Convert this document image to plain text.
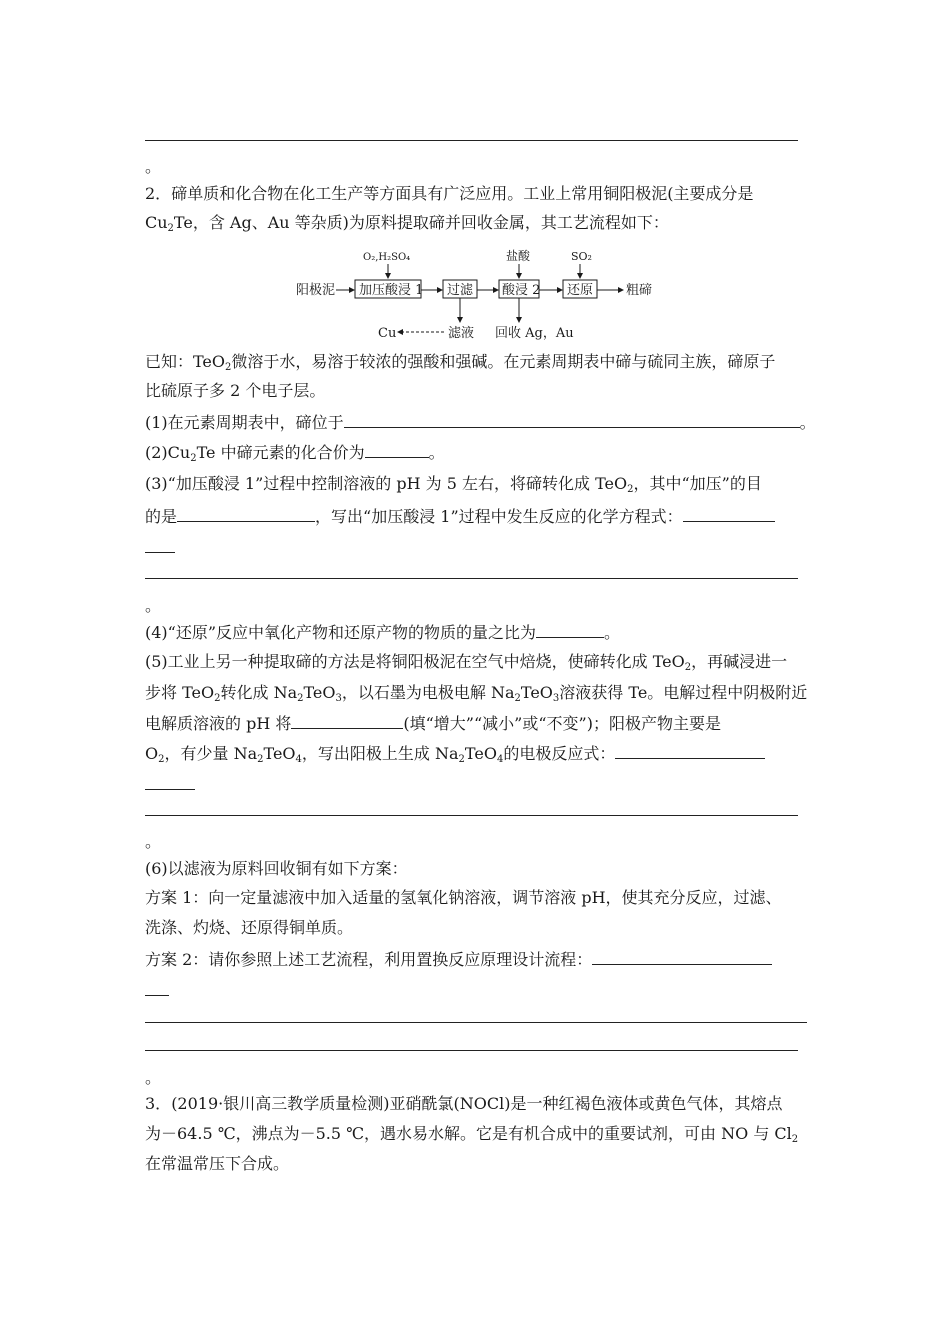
。
2．碲单质和化合物在化工生产等方面具有广泛应用。工业上常用铜阳极泥(主要成分是
$Cu_2Te$，含 Ag、Au 等杂质)为原料提取碲并回收金属，其工艺流程如下：
已知：TeO$_2$微溶于水，易溶于较浓的强酸和强碱。在元素周期表中碲与硫同主族，碲原子
比硫原子多 2 个电子层。
(1)在元素周期表中，碲位于	。
$(2)Cu_2Te$ 中碲元素的化合价为	。
(3)“加压酸浸 1”过程中控制溶液的 pH 为 5 左右，将碲转化成 TeO$_2$，其中“加压”的目
的是	，写出“加压酸浸 1”过程中发生反应的化学方程式：
。
(4)“还原”反应中氧化产物和还原产物的物质的量之比为	。
(5)工业上另一种提取碲的方法是将铜阳极泥在空气中焙烧，使碲转化成 TeO$_2$，再碱浸进一
步将 TeO$_2$转化成 $Na_2TeO_3$，以石墨为电极电解 $Na_2TeO_3$溶液获得 Te。电解过程中阴极附近
电解质溶液的 pH 将	(填“增大”“减小”或“不变”)；阳极产物主要是
$O_2$，有少量 $Na_2TeO_4$，写出阳极上生成 $Na_2TeO_4$的电极反应式：
。
(6)以滤液为原料回收铜有如下方案：
方案 1：向一定量滤液中加入适量的氢氧化钠溶液，调节溶液 pH，使其充分反应，过滤、
洗涤、灼烧、还原得铜单质。
方案 2：请你参照上述工艺流程，利用置换反应原理设计流程：
。
3．(2019·银川高三教学质量检测)亚硝酰氯(NOCl)是一种红褐色液体或黄色气体，其熔点
为－64.5 ℃，沸点为－5.5 ℃，遇水易水解。它是有机合成中的重要试剂，可由 NO 与 $Cl_2$
在常温常压下合成。
阳极泥 加压酸浸 1
O₂,H₂SO₄
过滤
滤液
Cu
酸浸 2
盐酸
回收 Ag，Au
还原
SO₂
粗碲
